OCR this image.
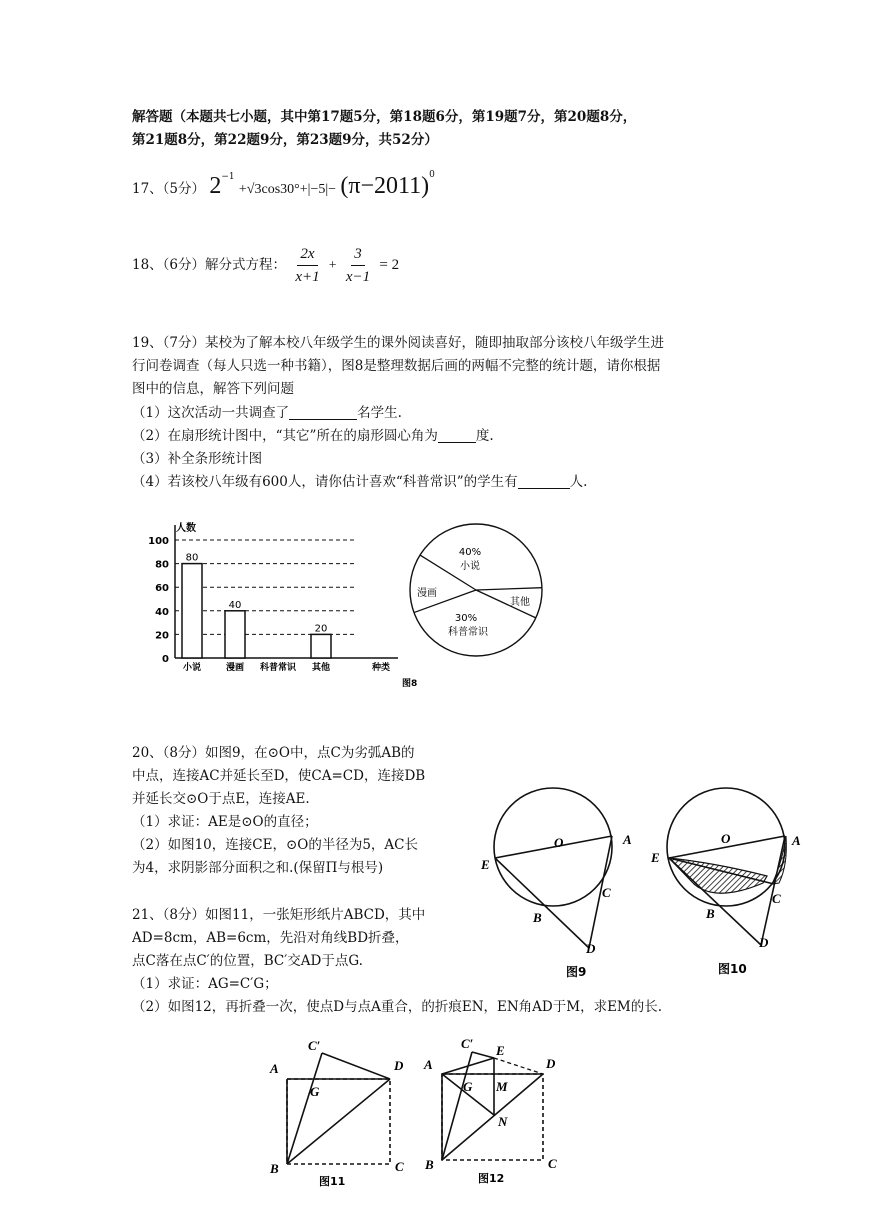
解答题（本题共七小题，其中第17题5分，第18题6分，第19题7分，第20题8分，
第21题8分，第22题9分，第23题9分，共52分）
17、（5分） $2^{-1} +√3\cos 30^\circ+|-5|- (\pi-2011)^0$
18、（6分）解分式方程： $\frac{2x}{x+1} + \frac{3}{x-1} = 2$
19、（7分）某校为了解本校八年级学生的课外阅读喜好，随即抽取部分该校八年级学生进
行问卷调查（每人只选一种书籍），图8是整理数据后画的两幅不完整的统计题，请你根据
图中的信息，解答下列问题
（1）这次活动一共调查了	名学生.
（2）在扇形统计图中，“其它”所在的扇形圆心角为	度.
（3）补全条形统计图
（4）若该校八年级有600人，请你估计喜欢“科普常识”的学生有	人.
人数
种类
0
20
40
60
80
100
80
40
20
小说	漫画 科普常识 其他
40%
小说
其他
30%
科普常识
漫画
图8
20、（8分）如图9，在⊙O中，点C为劣弧AB的
中点，连接AC并延长至D，使CA=CD，连接DB
并延长交⊙O于点E，连接AE.
（1）求证：AE是⊙O的直径；
（2）如图10，连接CE，⊙O的半径为5，AC长
为4，求阴影部分面积之和.(保留Π与根号)
O	A
E
B
C
D
图9
O	A
E
B
C
D
图10
21、（8分）如图11，一张矩形纸片ABCD，其中
AD=8cm，AB=6cm，先沿对角线BD折叠，
点C落在点C′的位置，BC′交AD于点G.
（1）求证：AG=C′G；
（2）如图12，再折叠一次，使点D与点A重合，的折痕EN，EN角AD于M，求EM的长.
A
C′
D
G
B	C
图11
A
C′ E
D
G M
N
B	C
图12
